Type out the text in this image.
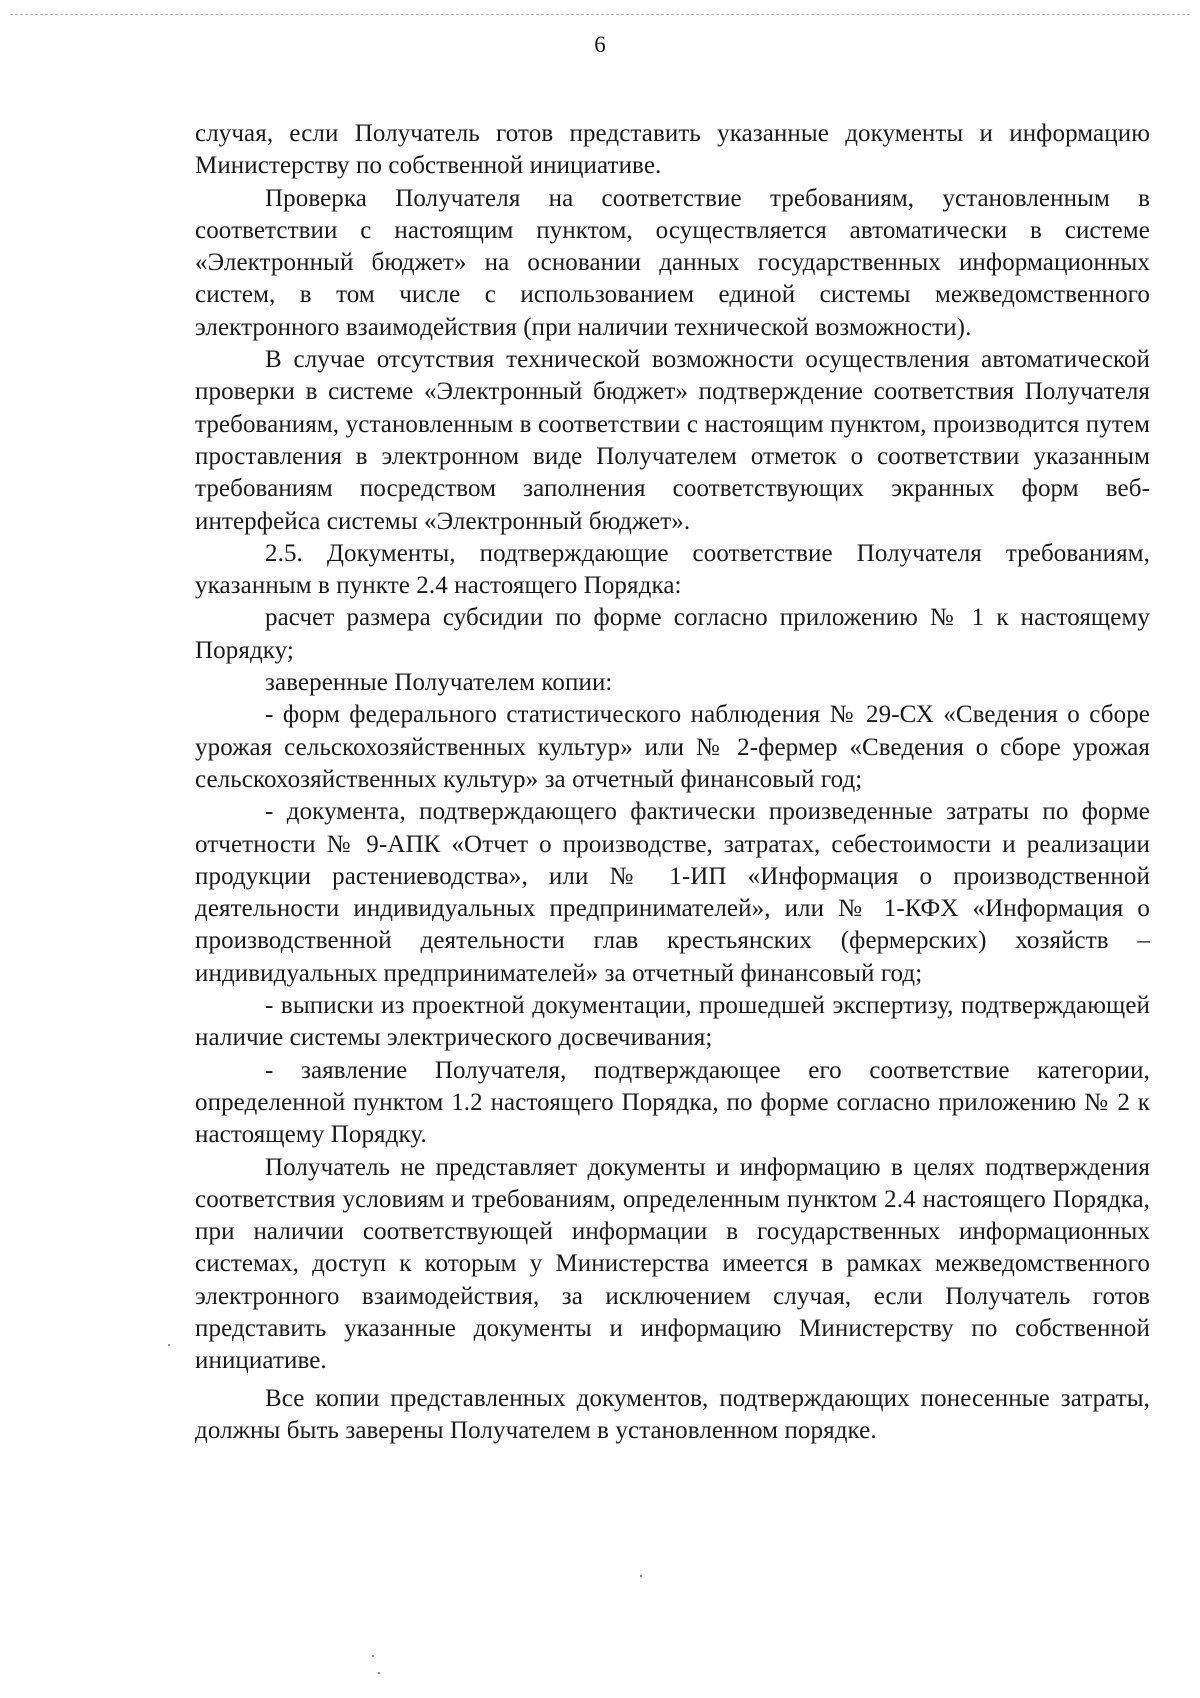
6

случая, если Получатель готов представить указанные документы и информацию Министерству по собственной инициативе.

Проверка Получателя на соответствие требованиям, установленным в соответствии с настоящим пунктом, осуществляется автоматически в системе «Электронный бюджет» на основании данных государственных информационных систем, в том числе с использованием единой системы межведомственного электронного взаимодействия (при наличии технической возможности).

В случае отсутствия технической возможности осуществления автоматической проверки в системе «Электронный бюджет» подтверждение соответствия Получателя требованиям, установленным в соответствии с настоящим пунктом, производится путем проставления в электронном виде Получателем отметок о соответствии указанным требованиям посредством заполнения соответствующих экранных форм веб-интерфейса системы «Электронный бюджет».

2.5. Документы, подтверждающие соответствие Получателя требованиям, указанным в пункте 2.4 настоящего Порядка:

расчет размера субсидии по форме согласно приложению № 1 к настоящему Порядку;

заверенные Получателем копии:

- форм федерального статистического наблюдения № 29-СХ «Сведения о сборе урожая сельскохозяйственных культур» или № 2-фермер «Сведения о сборе урожая сельскохозяйственных культур» за отчетный финансовый год;

- документа, подтверждающего фактически произведенные затраты по форме отчетности № 9-АПК «Отчет о производстве, затратах, себестоимости и реализации продукции растениеводства», или № 1-ИП «Информация о производственной деятельности индивидуальных предпринимателей», или № 1-КФХ «Информация о производственной деятельности глав крестьянских (фермерских) хозяйств – индивидуальных предпринимателей» за отчетный финансовый год;

- выписки из проектной документации, прошедшей экспертизу, подтверждающей наличие системы электрического досвечивания;

- заявление Получателя, подтверждающее его соответствие категории, определенной пунктом 1.2 настоящего Порядка, по форме согласно приложению № 2 к настоящему Порядку.

Получатель не представляет документы и информацию в целях подтверждения соответствия условиям и требованиям, определенным пунктом 2.4 настоящего Порядка, при наличии соответствующей информации в государственных информационных системах, доступ к которым у Министерства имеется в рамках межведомственного электронного взаимодействия, за исключением случая, если Получатель готов представить указанные документы и информацию Министерству по собственной инициативе.

Все копии представленных документов, подтверждающих понесенные затраты, должны быть заверены Получателем в установленном порядке.
